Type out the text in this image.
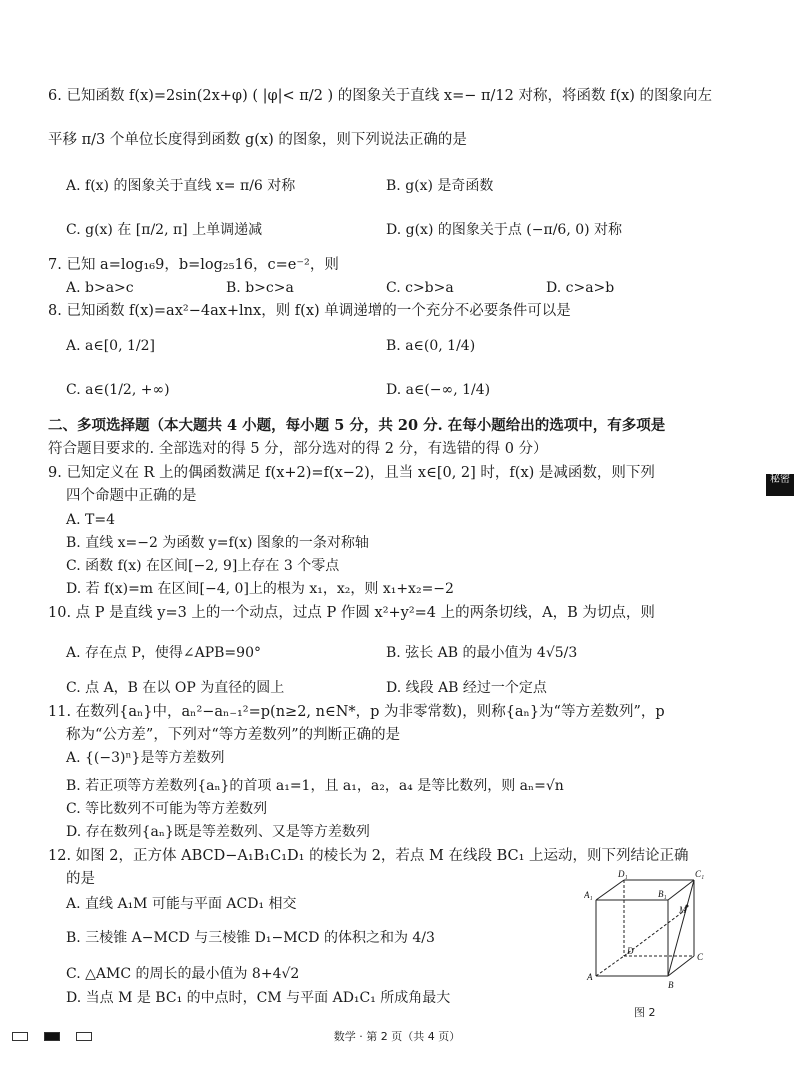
6. 已知函数 f(x)=2sin(2x+φ) ( |φ|< π/2 ) 的图象关于直线 x=− π/12 对称，将函数 f(x) 的图象向左
平移 π/3 个单位长度得到函数 g(x) 的图象，则下列说法正确的是
A. f(x) 的图象关于直线 x= π/6 对称	B. g(x) 是奇函数
C. g(x) 在 [π/2, π] 上单调递减	D. g(x) 的图象关于点 (−π/6, 0) 对称
7. 已知 a=log₁₆9，b=log₂₅16，c=e⁻²，则
A. b>a>c	B. b>c>a	C. c>b>a	D. c>a>b
8. 已知函数 f(x)=ax²−4ax+lnx，则 f(x) 单调递增的一个充分不必要条件可以是
A. a∈[0, 1/2]	B. a∈(0, 1/4)
C. a∈(1/2, +∞)	D. a∈(−∞, 1/4)
二、多项选择题（本大题共 4 小题，每小题 5 分，共 20 分. 在每小题给出的选项中，有多项是
符合题目要求的. 全部选对的得 5 分，部分选对的得 2 分，有选错的得 0 分）
9. 已知定义在 R 上的偶函数满足 f(x+2)=f(x−2)，且当 x∈[0, 2] 时，f(x) 是减函数，则下列
四个命题中正确的是
A. T=4
B. 直线 x=−2 为函数 y=f(x) 图象的一条对称轴
C. 函数 f(x) 在区间[−2, 9]上存在 3 个零点
D. 若 f(x)=m 在区间[−4, 0]上的根为 x₁，x₂，则 x₁+x₂=−2
10. 点 P 是直线 y=3 上的一个动点，过点 P 作圆 x²+y²=4 上的两条切线，A，B 为切点，则
A. 存在点 P，使得∠APB=90°	B. 弦长 AB 的最小值为 4√5/3
C. 点 A，B 在以 OP 为直径的圆上	D. 线段 AB 经过一个定点
11. 在数列{aₙ}中，aₙ²−aₙ₋₁²=p(n≥2, n∈N*，p 为非零常数)，则称{aₙ}为“等方差数列”，p
称为“公方差”，下列对“等方差数列”的判断正确的是
A. {(−3)ⁿ}是等方差数列
B. 若正项等方差数列{aₙ}的首项 a₁=1，且 a₁，a₂，a₄ 是等比数列，则 aₙ=√n
C. 等比数列不可能为等方差数列
D. 存在数列{aₙ}既是等差数列、又是等方差数列
12. 如图 2，正方体 ABCD−A₁B₁C₁D₁ 的棱长为 2，若点 M 在线段 BC₁ 上运动，则下列结论正确
的是
A. 直线 A₁M 可能与平面 ACD₁ 相交
B. 三棱锥 A−MCD 与三棱锥 D₁−MCD 的体积之和为 4/3
C. △AMC 的周长的最小值为 8+4√2
D. 当点 M 是 BC₁ 的中点时，CM 与平面 AD₁C₁ 所成角最大
D₁	C₁
A₁	B₁
D
C
A
B
M
图 2
秘密
数学 · 第 2 页（共 4 页）
